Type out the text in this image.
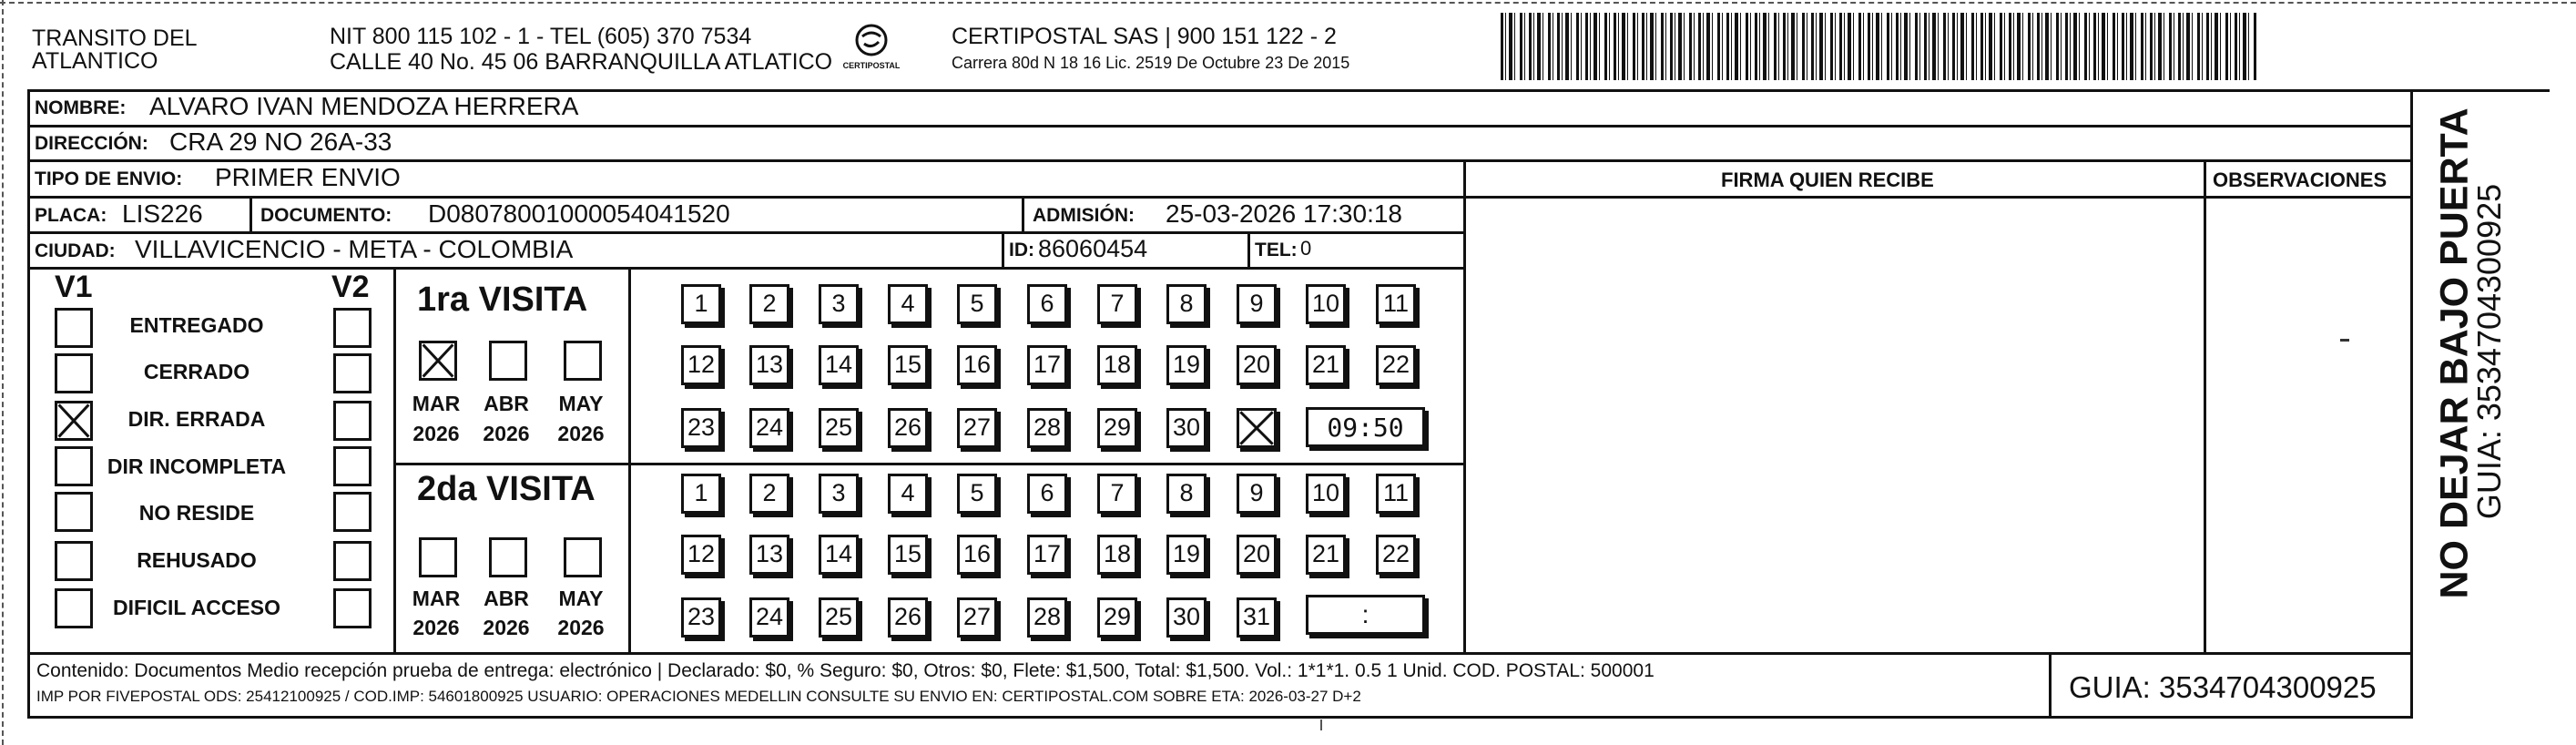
TRANSITO DEL
ATLANTICO
NIT 800 115 102 - 1 - TEL (605) 370 7534
CALLE 40 No. 45 06 BARRANQUILLA ATLATICO	CERTIPOSTAL
CERTIPOSTAL SAS | 900 151 122 - 2
Carrera 80d N 18 16 Lic. 2519 De Octubre 23 De 2015
NOMBRE: ALVARO IVAN MENDOZA HERRERA
DIRECCIÓN: CRA 29 NO 26A-33
TIPO DE ENVIO: PRIMER ENVIO	FIRMA QUIEN RECIBE	OBSERVACIONES
PLACA: LIS226	DOCUMENTO: D08078001000054041520	ADMISIÓN: 25-03-2026 17:30:18
CIUDAD: VILLAVICENCIO - META - COLOMBIA	ID: 86060454	TEL: 0
V1	V2
ENTREGADO
CERRADO
DIR. ERRADA
DIR INCOMPLETA
NO RESIDE
REHUSADO
DIFICIL ACCESO
1ra VISITA
MAR ABR MAY
2026 2026 2026	09:50
2da VISITA
MAR ABR MAY
2026 2026 2026	:
NO DEJAR BAJO PUERTA
GUIA: 3534704300925
Contenido: Documentos Medio recepción prueba de entrega: electrónico | Declarado: $0, % Seguro: $0, Otros: $0, Flete: $1,500, Total: $1,500. Vol.: 1*1*1. 0.5 1 Unid. COD. POSTAL: 500001
IMP POR FIVEPOSTAL ODS: 25412100925 / COD.IMP: 54601800925 USUARIO: OPERACIONES MEDELLIN CONSULTE SU ENVIO EN: CERTIPOSTAL.COM SOBRE ETA: 2026-03-27 D+2	GUIA: 3534704300925
1	2	3	4	5	6	7	8	9	10 11
12 13 14 15 16 17 18 19 20 21 22
23 24 25 26 27 28 29 30
1	2	3	4	5	6	7	8	9	10 11
12 13 14 15 16 17 18 19 20 21 22
23 24 25 26 27 28 29 30 31
